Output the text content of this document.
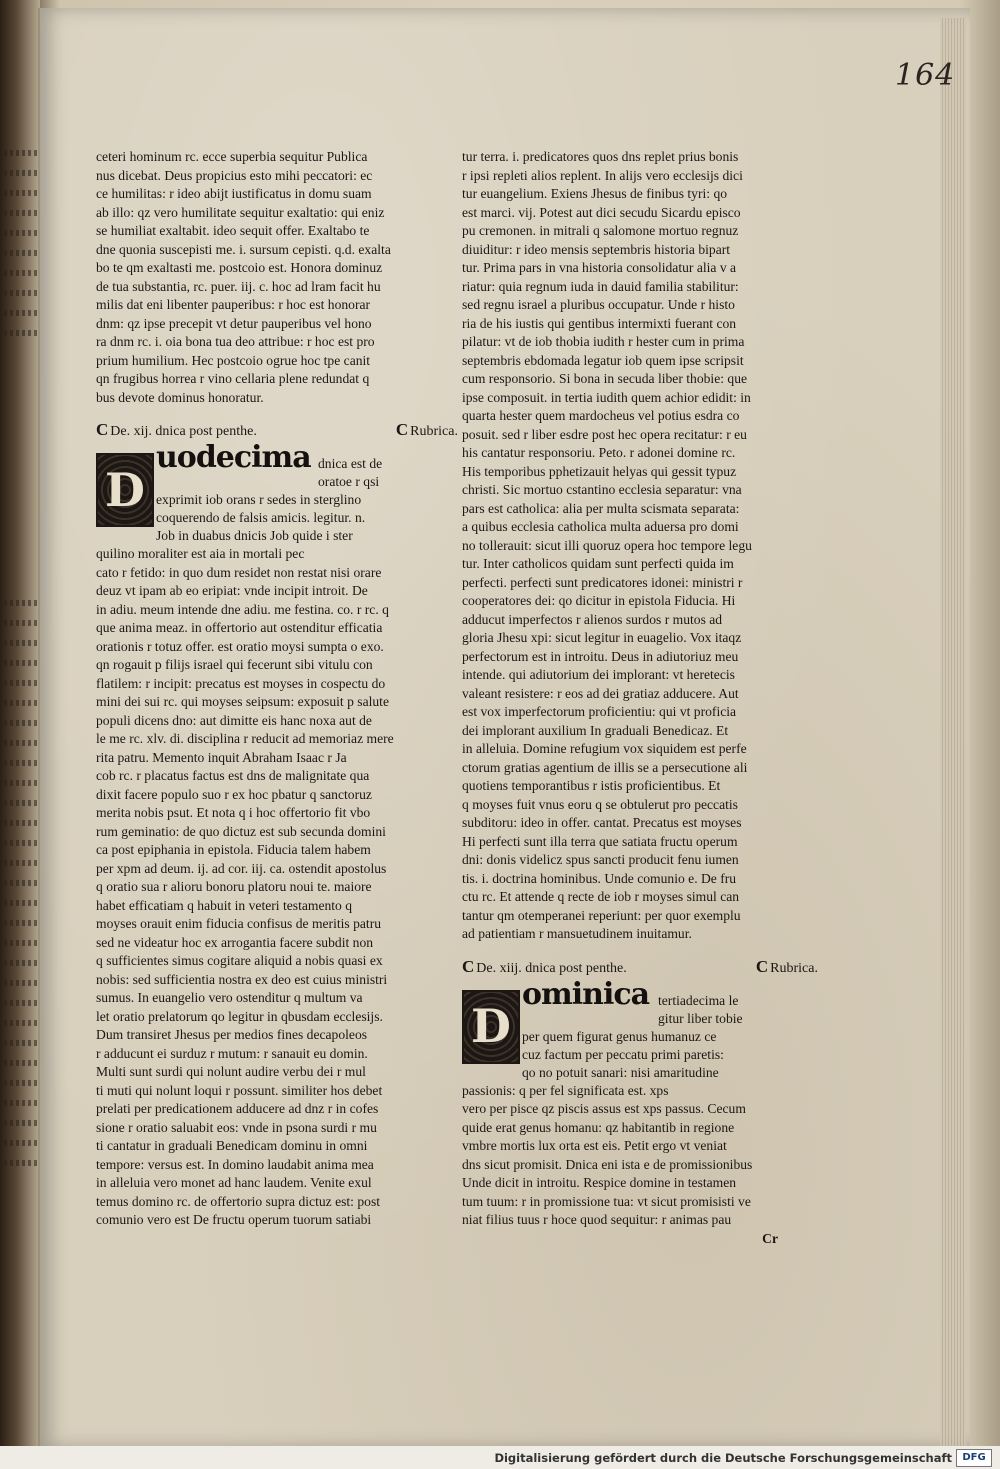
164
ceteri hominum rc. ecce superbia sequitur Publica
nus dicebat. Deus propicius esto mihi peccatori: ec
ce humilitas: r ideo abijt iustificatus in domu suam
ab illo: qz vero humilitate sequitur exaltatio: qui eniz
se humiliat exaltabit. ideo sequit offer. Exaltabo te
dne quonia suscepisti me. i. sursum cepisti. q.d. exalta
bo te qm exaltasti me. postcoio est. Honora dominuz
de tua substantia, rc. puer. iij. c. hoc ad lram facit hu
milis dat eni libenter pauperibus: r hoc est honorar
dnm: qz ipse precepit vt detur pauperibus vel hono
ra dnm rc. i. oia bona tua deo attribue: r hoc est pro
prium humilium. Hec postcoio ogrue hoc tpe canit
qn frugibus horrea r vino cellaria plene redundat q
bus devote dominus honoratur.
C De. xij. dnica post penthe.	C Rubrica.
D
uodecima dnica est de
oratoe r qsi
exprimit iob orans r sedes in sterglino
coquerendo de falsis amicis. legitur. n.
Job in duabus dnicis Job quide i ster
quilino moraliter est aia in mortali pec
cato r fetido: in quo dum residet non restat nisi orare
deuz vt ipam ab eo eripiat: vnde incipit introit. De
in adiu. meum intende dne adiu. me festina. co. r rc. q
que anima meaz. in offertorio aut ostenditur efficatia
orationis r totuz offer. est oratio moysi sumpta o exo.
qn rogauit p filijs israel qui fecerunt sibi vitulu con
flatilem: r incipit: precatus est moyses in cospectu do
mini dei sui rc. qui moyses seipsum: exposuit p salute
populi dicens dno: aut dimitte eis hanc noxa aut de
le me rc. xlv. di. disciplina r reducit ad memoriaz mere
rita patru. Memento inquit Abraham Isaac r Ja
cob rc. r placatus factus est dns de malignitate qua
dixit facere populo suo r ex hoc pbatur q sanctoruz
merita nobis psut. Et nota q i hoc offertorio fit vbo
rum geminatio: de quo dictuz est sub secunda domini
ca post epiphania in epistola. Fiducia talem habem
per xpm ad deum. ij. ad cor. iij. ca. ostendit apostolus
q oratio sua r alioru bonoru platoru noui te. maiore
habet efficatiam q habuit in veteri testamento q
moyses orauit enim fiducia confisus de meritis patru
sed ne videatur hoc ex arrogantia facere subdit non
q sufficientes simus cogitare aliquid a nobis quasi ex
nobis: sed sufficientia nostra ex deo est cuius ministri
sumus. In euangelio vero ostenditur q multum va
let oratio prelatorum qo legitur in qbusdam ecclesijs.
Dum transiret Jhesus per medios fines decapoleos
r adducunt ei surduz r mutum: r sanauit eu domin.
Multi sunt surdi qui nolunt audire verbu dei r mul
ti muti qui nolunt loqui r possunt. similiter hos debet
prelati per predicationem adducere ad dnz r in cofes
sione r oratio saluabit eos: vnde in psona surdi r mu
ti cantatur in graduali Benedicam dominu in omni
tempore: versus est. In domino laudabit anima mea
in alleluia vero monet ad hanc laudem. Venite exul
temus domino rc. de offertorio supra dictuz est: post
comunio vero est De fructu operum tuorum satiabi
tur terra. i. predicatores quos dns replet prius bonis
r ipsi repleti alios replent. In alijs vero ecclesijs dici
tur euangelium. Exiens Jhesus de finibus tyri: qo
est marci. vij. Potest aut dici secudu Sicardu episco
pu cremonen. in mitrali q salomone mortuo regnuz
diuiditur: r ideo mensis septembris historia bipart
tur. Prima pars in vna historia consolidatur alia v a
riatur: quia regnum iuda in dauid familia stabilitur:
sed regnu israel a pluribus occupatur. Unde r histo
ria de his iustis qui gentibus intermixti fuerant con
pilatur: vt de iob thobia iudith r hester cum in prima
septembris ebdomada legatur iob quem ipse scripsit
cum responsorio. Si bona in secuda liber thobie: que
ipse composuit. in tertia iudith quem achior edidit: in
quarta hester quem mardocheus vel potius esdra co
posuit. sed r liber esdre post hec opera recitatur: r eu
his cantatur responsoriu. Peto. r adonei domine rc.
His temporibus pphetizauit helyas qui gessit typuz
christi. Sic mortuo cstantino ecclesia separatur: vna
pars est catholica: alia per multa scismata separata:
a quibus ecclesia catholica multa aduersa pro domi
no tollerauit: sicut illi quoruz opera hoc tempore legu
tur. Inter catholicos quidam sunt perfecti quida im
perfecti. perfecti sunt predicatores idonei: ministri r
cooperatores dei: qo dicitur in epistola Fiducia. Hi
adducut imperfectos r alienos surdos r mutos ad
gloria Jhesu xpi: sicut legitur in euagelio. Vox itaqz
perfectorum est in introitu. Deus in adiutoriuz meu
intende. qui adiutorium dei implorant: vt heretecis
valeant resistere: r eos ad dei gratiaz adducere. Aut
est vox imperfectorum proficientiu: qui vt proficia
dei implorant auxilium In graduali Benedicaz. Et
in alleluia. Domine refugium vox siquidem est perfe
ctorum gratias agentium de illis se a persecutione ali
quotiens temporantibus r istis proficientibus. Et
q moyses fuit vnus eoru q se obtulerut pro peccatis
subditoru: ideo in offer. cantat. Precatus est moyses
Hi perfecti sunt illa terra que satiata fructu operum
dni: donis videlicz spus sancti producit fenu iumen
tis. i. doctrina hominibus. Unde comunio e. De fru
ctu rc. Et attende q recte de iob r moyses simul can
tantur qm otemperanei reperiunt: per quor exemplu
ad patientiam r mansuetudinem inuitamur.
C De. xiij. dnica post penthe.	C Rubrica.
D
ominica tertiadecima le
gitur liber tobie
per quem figurat genus humanuz ce
cuz factum per peccatu primi paretis:
qo no potuit sanari: nisi amaritudine
passionis: q per fel significata est. xps
vero per pisce qz piscis assus est xps passus. Cecum
quide erat genus homanu: qz habitantib in regione
vmbre mortis lux orta est eis. Petit ergo vt veniat
dns sicut promisit. Dnica eni ista e de promissionibus
Unde dicit in introitu. Respice domine in testamen
tum tuum: r in promissione tua: vt sicut promisisti ve
niat filius tuus r hoce quod sequitur: r animas pau
Cr
Digitalisierung gefördert durch die Deutsche Forschungsgemeinschaft	DFG
